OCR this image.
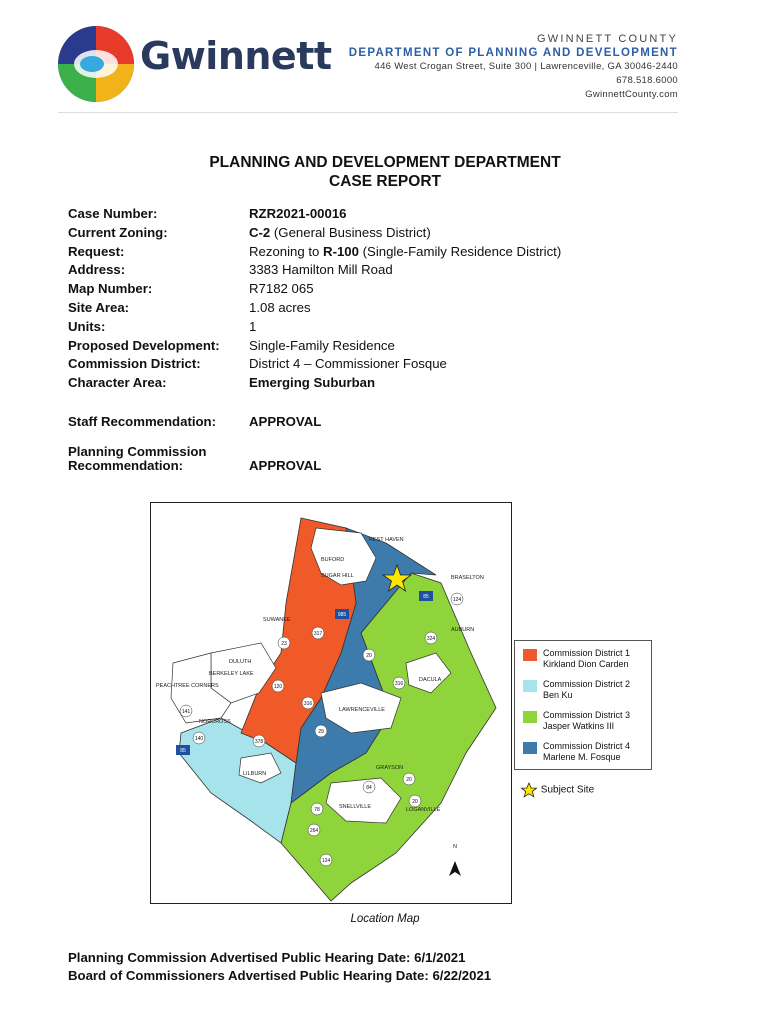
Gwinnett	GWINNETT COUNTY
DEPARTMENT OF PLANNING AND DEVELOPMENT
446 West Crogan Street, Suite 300 | Lawrenceville, GA 30046-2440
678.518.6000
GwinnettCounty.com
PLANNING AND DEVELOPMENT DEPARTMENT
CASE REPORT
Case Number:	RZR2021-00016
Current Zoning:	C-2 (General Business District)
Request:	Rezoning to R-100 (Single-Family Residence District)
Address:	3383 Hamilton Mill Road
Map Number:	R7182 065
Site Area:	1.08 acres
Units:	1
Proposed Development: Single-Family Residence
Commission District:	District 4 – Commissioner Fosque
Character Area:	Emerging Suburban
Staff Recommendation: APPROVAL
Planning Commission
Recommendation:	APPROVAL
REST HAVEN
BUFORD
SUGAR HILL	BRASELTON
SUWANEE
AUBURN
DULUTH
BERKELEY LAKE
PEACHTREE CORNERS
DACULA
NORCROSS
LAWRENCEVILLE
LILBURN
GRAYSON
SNELLVILLE	LOGANVILLE
N
985
85	124
20
23
317
324
120
316
316
29
141
140
85
378
84
20
78
264
124
20
Commission District 1
Kirkland Dion Carden
Commission District 2
Ben Ku
Commission District 3
Jasper Watkins III
Commission District 4
Marlene M. Fosque
Subject Site
Location Map
Planning Commission Advertised Public Hearing Date: 6/1/2021
Board of Commissioners Advertised Public Hearing Date: 6/22/2021
